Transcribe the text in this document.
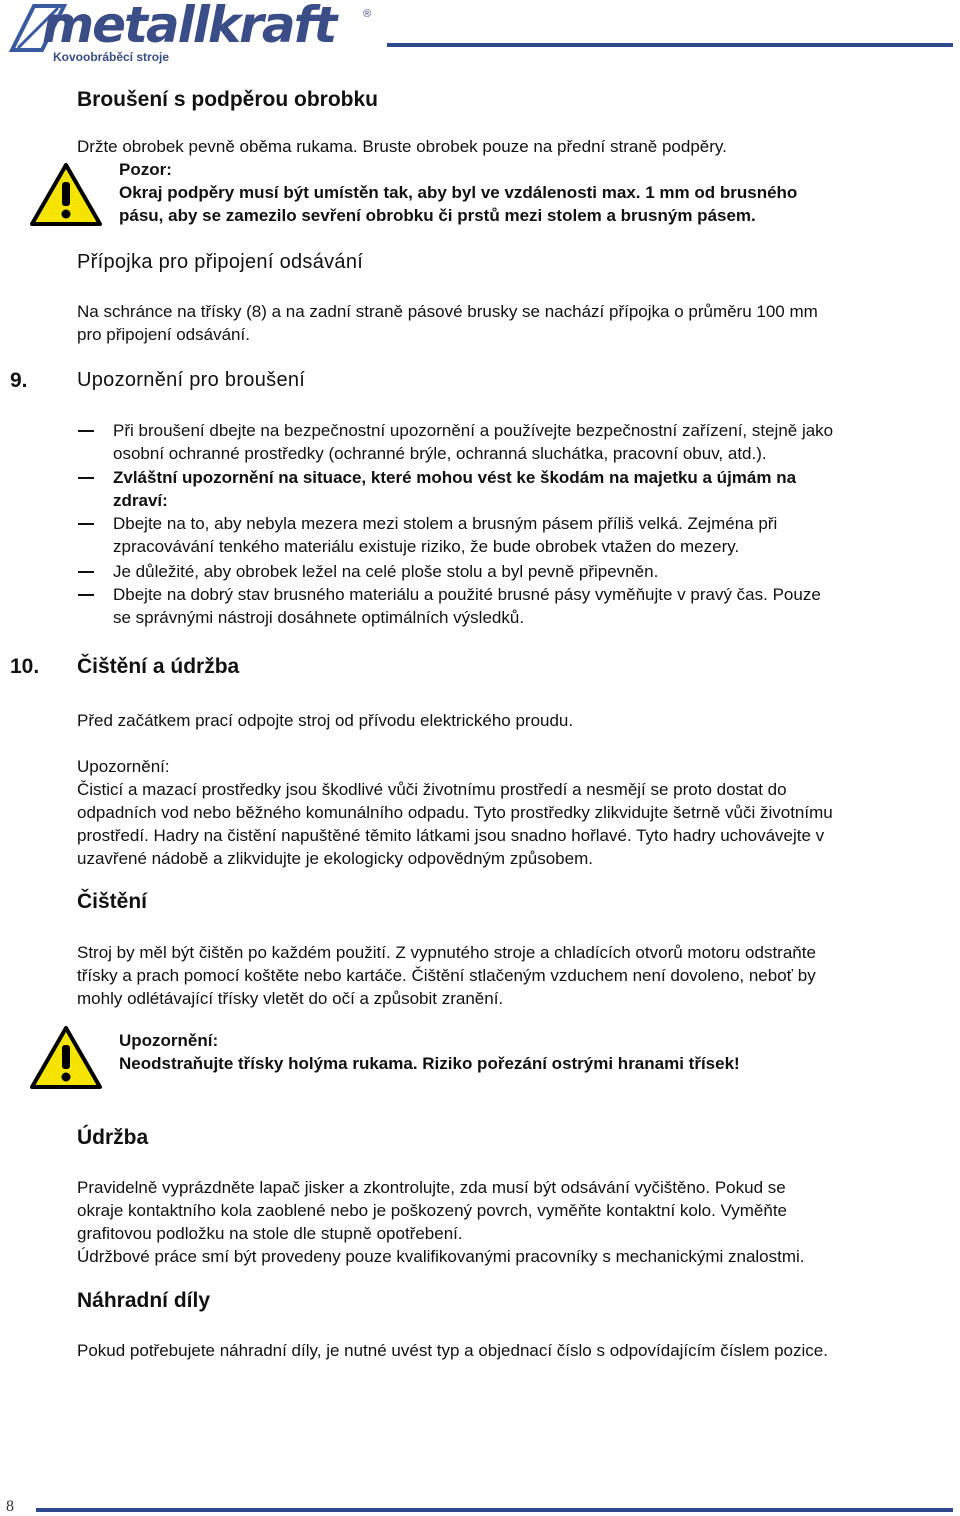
metallkraft	®
Kovoobráběcí stroje
Broušení s podpěrou obrobku
Držte obrobek pevně oběma rukama. Bruste obrobek pouze na přední straně podpěry.
Pozor:
Okraj podpěry musí být umístěn tak, aby byl ve vzdálenosti max. 1 mm od brusného
pásu, aby se zamezilo sevření obrobku či prstů mezi stolem a brusným pásem.
Přípojka pro připojení odsávání
Na schránce na třísky (8) a na zadní straně pásové brusky se nachází přípojka o průměru 100 mm
pro připojení odsávání.
9. Upozornění pro broušení
Při broušení dbejte na bezpečnostní upozornění a používejte bezpečnostní zařízení, stejně jako
osobní ochranné prostředky (ochranné brýle, ochranná sluchátka, pracovní obuv, atd.).
Zvláštní upozornění na situace, které mohou vést ke škodám na majetku a újmám na
zdraví:
Dbejte na to, aby nebyla mezera mezi stolem a brusným pásem příliš velká. Zejména při
zpracovávání tenkého materiálu existuje riziko, že bude obrobek vtažen do mezery.
Je důležité, aby obrobek ležel na celé ploše stolu a byl pevně připevněn.
Dbejte na dobrý stav brusného materiálu a použité brusné pásy vyměňujte v pravý čas. Pouze
se správnými nástroji dosáhnete optimálních výsledků.
10. Čištění a údržba
Před začátkem prací odpojte stroj od přívodu elektrického proudu.
Upozornění:
Čisticí a mazací prostředky jsou škodlivé vůči životnímu prostředí a nesmějí se proto dostat do
odpadních vod nebo běžného komunálního odpadu. Tyto prostředky zlikvidujte šetrně vůči životnímu
prostředí. Hadry na čistění napuštěné těmito látkami jsou snadno hořlavé. Tyto hadry uchovávejte v
uzavřené nádobě a zlikvidujte je ekologicky odpovědným způsobem.
Čištění
Stroj by měl být čištěn po každém použití. Z vypnutého stroje a chladících otvorů motoru odstraňte
třísky a prach pomocí koštěte nebo kartáče. Čištění stlačeným vzduchem není dovoleno, neboť by
mohly odlétávající třísky vletět do očí a způsobit zranění.
Upozornění:
Neodstraňujte třísky holýma rukama. Riziko pořezání ostrými hranami třísek!
Údržba
Pravidelně vyprázdněte lapač jisker a zkontrolujte, zda musí být odsávání vyčištěno. Pokud se
okraje kontaktního kola zaoblené nebo je poškozený povrch, vyměňte kontaktní kolo. Vyměňte
grafitovou podložku na stole dle stupně opotřebení.
Údržbové práce smí být provedeny pouze kvalifikovanými pracovníky s mechanickými znalostmi.
Náhradní díly
Pokud potřebujete náhradní díly, je nutné uvést typ a objednací číslo s odpovídajícím číslem pozice.
8
